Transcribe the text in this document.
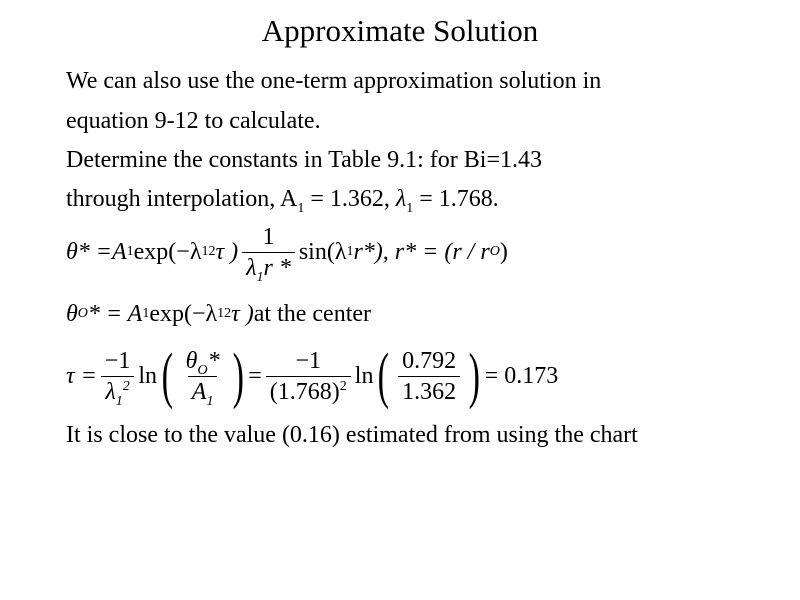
Approximate Solution
We can also use the one-term approximation solution in
equation 9-12 to calculate.
Determine the constants in Table 9.1: for Bi=1.43
through interpolation, $A_1 = 1.362$, $\lambda_1 = 1.768$.
θ* = A 1 exp(−λ 1 2 τ ) $\frac{1}{\lambda_1r *} \sin(\lambda$ 1 r*), r* = (r / r O )
θ O * = A 1 exp(−λ 1 2 τ ) at the center
$\tau = \frac{-1}{\lambda_1^2}$ ln ( $\frac{\theta_O*}{A_1}$ ) = $\frac{-1}{(1.768)^2}$ ln ( $\frac{0.792}{1.362}$ ) = 0.173
It is close to the value (0.16) estimated from using the chart
